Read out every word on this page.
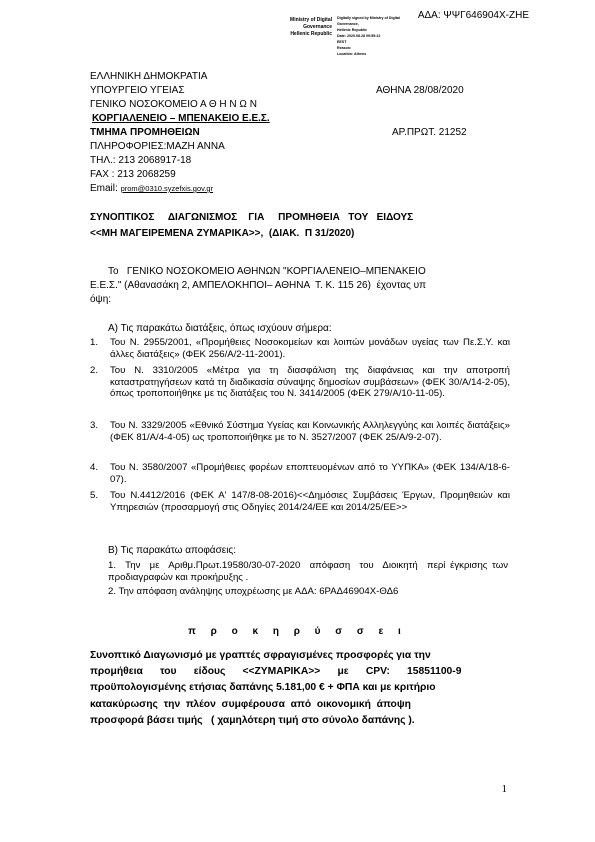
ΑΔΑ: ΨΨΓ646904Χ-ΖΗΕ
Ministry of Digital
Governance
Hellenic Republic
Digitally signed by Ministry of Digital
Governance,
Hellenic Republic
Date: 2020.08.28 09:55:22
EEST
Reason:
Location: Athens
ΕΛΛΗΝΙΚΗ ΔΗΜΟΚΡΑΤΙΑ
ΥΠΟΥΡΓΕΙΟ ΥΓΕΙΑΣ
ΓΕΝΙΚΟ ΝΟΣΟΚΟΜΕΙΟ Α Θ Η Ν Ω Ν
ΚΟΡΓΙΑΛΕΝΕΙΟ – ΜΠΕΝΑΚΕΙΟ Ε.Ε.Σ.
ΤΜΗΜΑ ΠΡΟΜΗΘΕΙΩΝ
ΠΛΗΡΟΦΟΡΙΕΣ:ΜΑΖΗ ΑΝΝΑ
ΤΗΛ.: 213 2068917-18
FAX : 213 2068259
Email: prom@0310.syzefxis.gov.gr
ΑΘΗΝΑ 28/08/2020
ΑΡ.ΠΡΩΤ. 21252
ΣΥΝΟΠΤΙΚΟΣ     ΔΙΑΓΩΝΙΣΜΟΣ    ΓΙΑ     ΠΡΟΜΗΘΕΙΑ   ΤΟΥ   ΕΙΔΟΥΣ
<<ΜΗ ΜΑΓΕΙΡΕΜΕΝΑ ΖΥΜΑΡΙΚΑ>>,  (ΔΙΑΚ.  Π 31/2020)
Το   ΓΕΝΙΚΟ ΝΟΣΟΚΟΜΕΙΟ ΑΘΗΝΩΝ "ΚΟΡΓΙΑΛΕΝΕΙΟ–ΜΠΕΝΑΚΕΙΟ
Ε.Ε.Σ." (Αθανασάκη 2, ΑΜΠΕΛΟΚΗΠΟΙ– ΑΘΗΝΑ  Τ. Κ. 115 26)  έχοντας υπ
όψη:
Α) Τις παρακάτω διατάξεις, όπως ισχύουν σήμερα:
1. Του Ν. 2955/2001, «Προμήθειες Νοσοκομείων και λοιπών μονάδων υγείας των Πε.Σ.Υ. και άλλες διατάξεις» (ΦΕΚ 256/Α/2-11-2001).
2. Του Ν. 3310/2005 «Μέτρα για τη διασφάλιση της διαφάνειας και την αποτροπή καταστρατηγήσεων κατά τη διαδικασία σύναψης δημοσίων συμβάσεων» (ΦΕΚ 30/Α/14-2-05), όπως τροποποιήθηκε με τις διατάξεις του Ν. 3414/2005 (ΦΕΚ 279/Α/10-11-05).
3. Του Ν. 3329/2005 «Εθνικό Σύστημα Υγείας και Κοινωνικής Αλληλεγγύης και λοιπές διατάξεις» (ΦΕΚ 81/Α/4-4-05) ως τροποποιήθηκε με το Ν. 3527/2007 (ΦΕΚ 25/Α/9-2-07).
4. Του Ν. 3580/2007 «Προμήθειες φορέων εποπτευομένων από το ΥΥΠΚΑ» (ΦΕΚ 134/Α/18-6-07).
5. Του Ν.4412/2016 (ΦΕΚ Α' 147/8-08-2016)<<Δημόσιες Συμβάσεις Έργων, Προμηθειών και Υπηρεσιών (προσαρμογή στις Οδηγίες 2014/24/ΕΕ και 2014/25/ΕΕ>>
Β) Τις παρακάτω αποφάσεις:
1.  Την  με  Αριθμ.Πρωτ.19580/30-07-2020  απόφαση  του  Διοικητή  περί έγκρισης των προδιαγραφών και προκήρυξης .
2. Την απόφαση ανάληψης υποχρέωσης με ΑΔΑ: 6ΡΑΔ46904Χ-ΘΔ6
π ρ ο κ η ρ ύ σ σ ε ι
Συνοπτικό Διαγωνισμό με γραπτές σφραγισμένες προσφορές για την
προμήθεια      του      είδους      <<ΖΥΜΑΡΙΚΑ>>      με      CPV:      15851100-9
προϋπολογισμένης ετήσιας δαπάνης 5.181,00 € + ΦΠΑ και με κριτήριο
κατακύρωσης  την  πλέον  συμφέρουσα  από  οικονομική  άποψη
προσφορά βάσει τιμής   ( χαμηλότερη τιμή στο σύνολο δαπάνης ).
1
